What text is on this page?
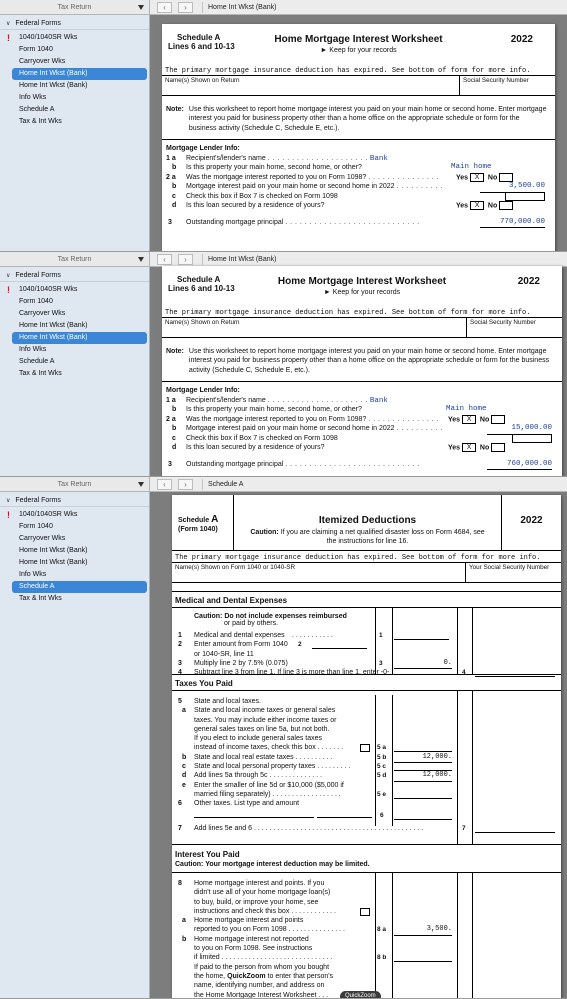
Tax Return
∨ Federal Forms
! 1040/1040SR Wks
Form 1040
Carryover Wks
Home Int Wkst (Bank)
Home Int Wkst (Bank)
Info Wks
Schedule A
Tax & Int Wks
‹	›	Home Int Wkst (Bank)
Schedule A
Lines 6 and 10-13
Home Mortgage Interest Worksheet
► Keep for your records
2022
The primary mortgage insurance deduction has expired. See bottom of form for more info.
Name(s) Shown on Return	Social Security Number
Note: Use this worksheet to report home mortgage interest you paid on your main home or second home. Enter mortgage interest you paid for business property other than a home office on the appropriate schedule or form for the business activity (Schedule C, Schedule E, etc.).
Mortgage Lender Info:
1 a	Recipient's/lender's name . . . . . . . . . . . . . . . . . . . . . Bank
b	Is this property your main home, second home, or other?	Main home
2 a	Was the mortgage interest reported to you on Form 1098? . . . . . . . . . . . . . . . Yes X No
b	Mortgage interest paid on your main home or second home in 2022 . . . . . . . . . .	3,500.00
c	Check this box if Box 7 is checked on Form 1098
d	Is this loan secured by a residence of yours?	Yes X No
3	Outstanding mortgage principal . . . . . . . . . . . . . . . . . . . . . . . . . . . .	770,000.00
Tax Return
∨ Federal Forms
! 1040/1040SR Wks
Form 1040
Carryover Wks
Home Int Wkst (Bank)
Home Int Wkst (Bank)
Info Wks
Schedule A
Tax & Int Wks
‹	›	Home Int Wkst (Bank)
Schedule A
Lines 6 and 10-13
Home Mortgage Interest Worksheet
► Keep for your records
2022
The primary mortgage insurance deduction has expired. See bottom of form for more info.
Name(s) Shown on Return	Social Security Number
Note: Use this worksheet to report home mortgage interest you paid on your main home or second home. Enter mortgage interest you paid for business property other than a home office on the appropriate schedule or form for the business activity (Schedule C, Schedule E, etc.).
Mortgage Lender Info:
1 a	Recipient's/lender's name . . . . . . . . . . . . . . . . . . . . . Bank
b	Is this property your main home, second home, or other?	Main home
2 a	Was the mortgage interest reported to you on Form 1098? . . . . . . . . . . . . . . . Yes X No
b	Mortgage interest paid on your main home or second home in 2022 . . . . . . . . . .	15,000.00
c	Check this box if Box 7 is checked on Form 1098
d	Is this loan secured by a residence of yours?	Yes X No
3	Outstanding mortgage principal . . . . . . . . . . . . . . . . . . . . . . . . . . . .	760,000.00
Tax Return
∨ Federal Forms
! 1040/1040SR Wks
Form 1040
Carryover Wks
Home Int Wkst (Bank)
Home Int Wkst (Bank)
Info Wks
Schedule A
Tax & Int Wks
‹	›	Schedule A
Schedule A
(Form 1040)
Itemized Deductions
Caution: If you are claiming a net qualified disaster loss on Form 4684, see the instructions for line 16.
2022
The primary mortgage insurance deduction has expired. See bottom of form for more info.
Name(s) Shown on Form 1040 or 1040-SR	Your Social Security Number
Medical and Dental Expenses
Caution: Do not include expenses reimbursed
or paid by others.
1 Medical and dental expenses . . . . . . . . . . .	1
2 Enter amount from Form 1040 2
or 1040-SR, line 11
3 Multiply line 2 by 7.5% (0.075)	3	0.
4 Subtract line 3 from line 1. If line 3 is more than line 1, enter -0-	4
Taxes You Paid
5 State and local taxes.
a State and local income taxes or general sales
taxes. You may include either income taxes or
general sales taxes on line 5a, but not both.
If you elect to include general sales taxes
instead of income taxes, check this box . . . . . . .	5 a
b State and local real estate taxes . . . . . . . . . .	5 b	12,000.
c State and local personal property taxes . . . . . . . . .	5 c
d Add lines 5a through 5c . . . . . . . . . . . . . .	5 d	12,000.
e Enter the smaller of line 5d or $10,000 ($5,000 if
married filing separately) . . . . . . . . . . . . . . . . . .	5 e
6 Other taxes. List type and amount
6
7 Add lines 5e and 6 . . . . . . . . . . . . . . . . . . . . . . . . . . . . . . . . . . . . . . . . . . . .	7
Interest You Paid
Caution: Your mortgage interest deduction may be limited.
8 Home mortgage interest and points. If you
didn't use all of your home mortgage loan(s)
to buy, build, or improve your home, see
instructions and check this box . . . . . . . . . . . .
a Home mortgage interest and points
reported to you on Form 1098 . . . . . . . . . . . . . . .	8 a	3,500.
b Home mortgage interest not reported
to you on Form 1098. See instructions
if limited . . . . . . . . . . . . . . . . . . . . . . . . . . . . .	8 b
If paid to the person from whom you bought
the home, QuickZoom to enter that person's
name, identifying number, and address on
the Home Mortgage Interest Worksheet . . .	QuickZoom
